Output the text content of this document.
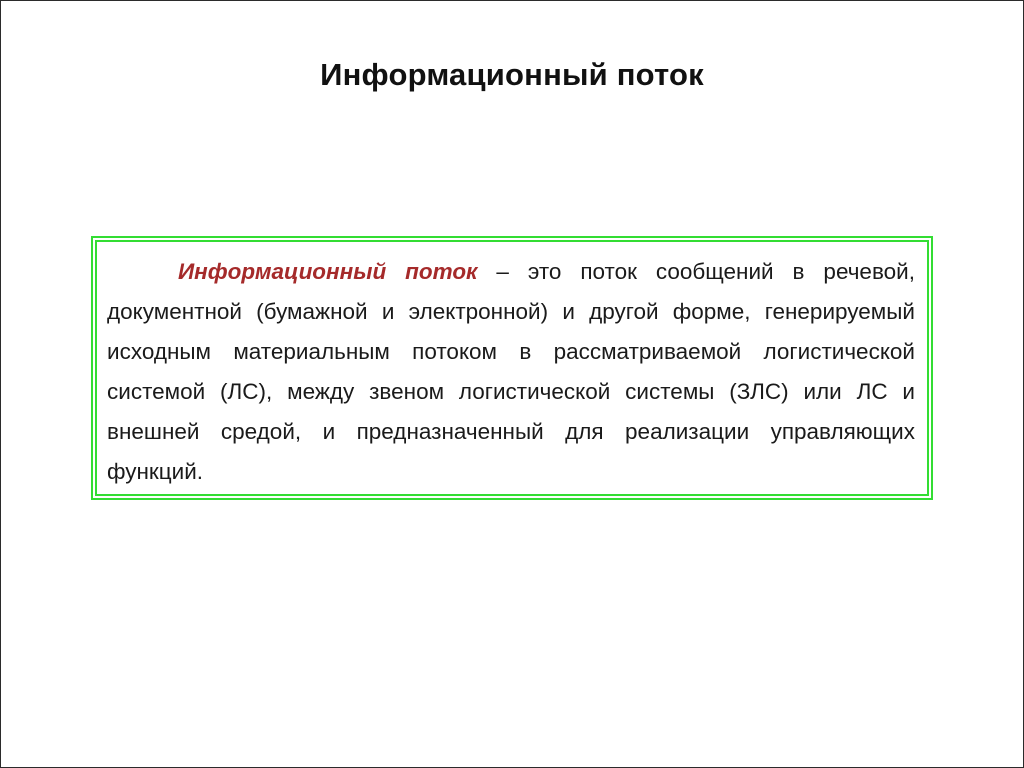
Информационный поток

Информационный поток – это поток сообщений в речевой, документной (бумажной и электронной) и другой форме, генерируемый исходным материальным потоком в рассматриваемой логистической системой (ЛС), между звеном логистической системы (ЗЛС) или ЛС и внешней средой, и предназначенный для реализации управляющих функций.
